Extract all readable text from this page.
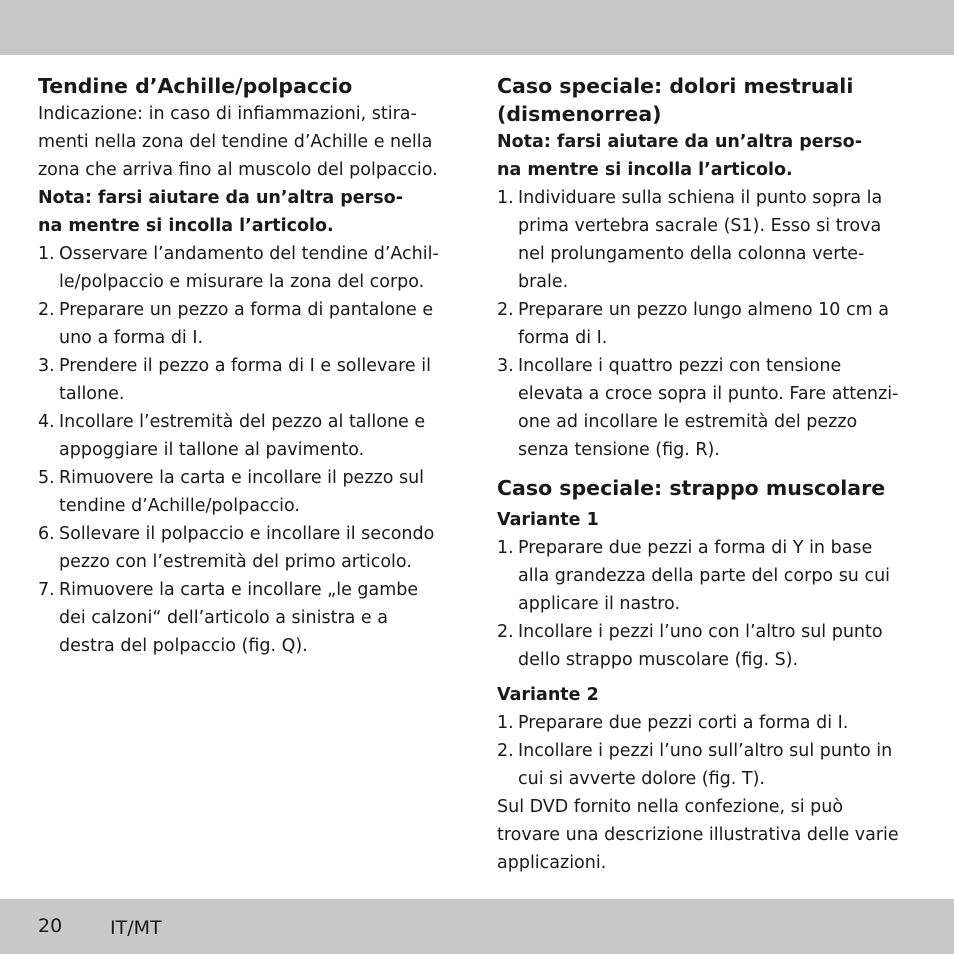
Tendine d’Achille/polpaccio
Indicazione: in caso di infiammazioni, stira-
menti nella zona del tendine d’Achille e nella
zona che arriva fino al muscolo del polpaccio.
Nota: farsi aiutare da un’altra perso-
na mentre si incolla l’articolo.
1. Osservare l’andamento del tendine d’Achil-
le/polpaccio e misurare la zona del corpo.
2. Preparare un pezzo a forma di pantalone e
uno a forma di I.
3. Prendere il pezzo a forma di I e sollevare il
tallone.
4. Incollare l’estremità del pezzo al tallone e
appoggiare il tallone al pavimento.
5. Rimuovere la carta e incollare il pezzo sul
tendine d’Achille/polpaccio.
6. Sollevare il polpaccio e incollare il secondo
pezzo con l’estremità del primo articolo.
7. Rimuovere la carta e incollare „le gambe
dei calzoni“ dell’articolo a sinistra e a
destra del polpaccio (fig. Q).
Caso speciale: dolori mestruali
(dismenorrea)
Nota: farsi aiutare da un’altra perso-
na mentre si incolla l’articolo.
1. Individuare sulla schiena il punto sopra la
prima vertebra sacrale (S1). Esso si trova
nel prolungamento della colonna verte-
brale.
2. Preparare un pezzo lungo almeno 10 cm a
forma di I.
3. Incollare i quattro pezzi con tensione
elevata a croce sopra il punto. Fare attenzi-
one ad incollare le estremità del pezzo
senza tensione (fig. R).
Caso speciale: strappo muscolare
Variante 1
1. Preparare due pezzi a forma di Y in base
alla grandezza della parte del corpo su cui
applicare il nastro.
2. Incollare i pezzi l’uno con l’altro sul punto
dello strappo muscolare (fig. S).
Variante 2
1. Preparare due pezzi corti a forma di I.
2. Incollare i pezzi l’uno sull’altro sul punto in
cui si avverte dolore (fig. T).
Sul DVD fornito nella confezione, si può
trovare una descrizione illustrativa delle varie
applicazioni.
20	IT/MT
